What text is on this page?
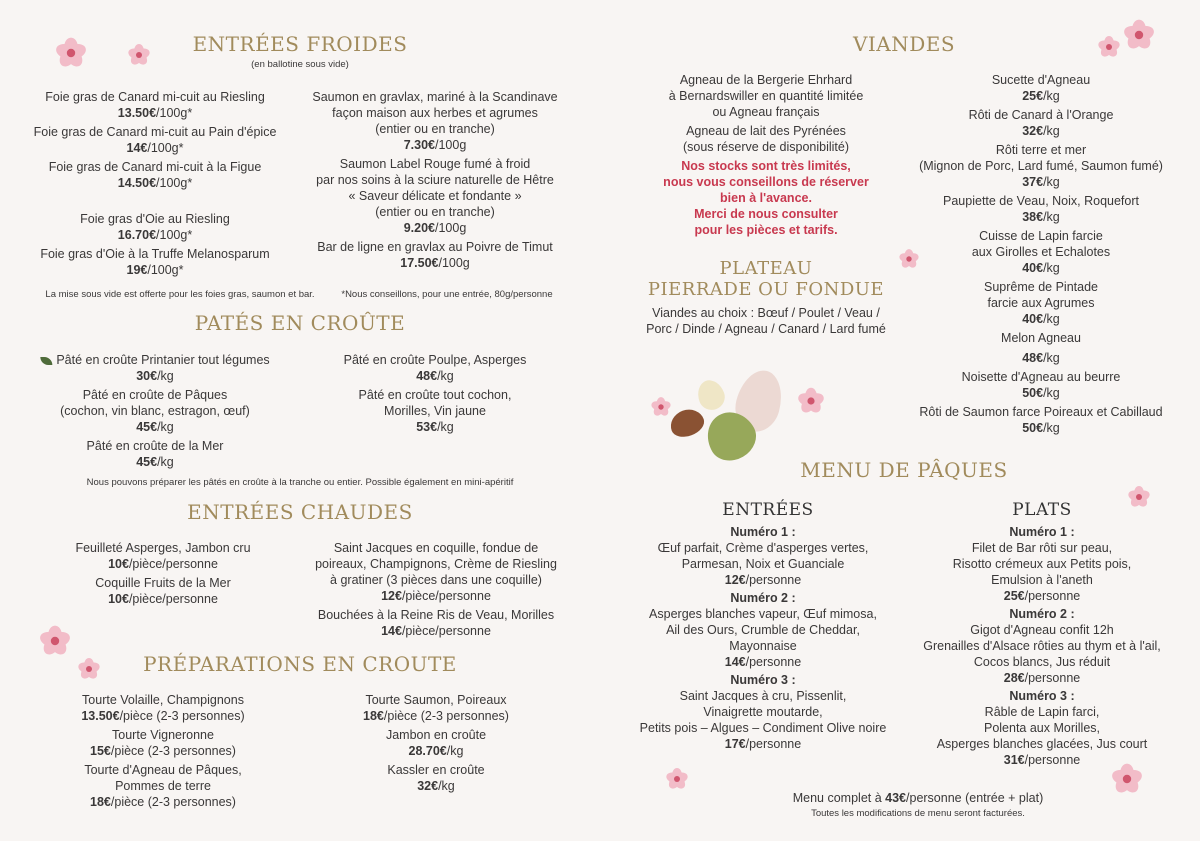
ENTRÉES FROIDES
(en ballotine sous vide)
Foie gras de Canard mi-cuit au Riesling
13.50€/100g*
Foie gras de Canard mi-cuit au Pain d'épice
14€/100g*
Foie gras de Canard mi-cuit à la Figue
14.50€/100g*
Foie gras d'Oie au Riesling
16.70€/100g*
Foie gras d'Oie à la Truffe Melanosparum
19€/100g*
Saumon en gravlax, mariné à la Scandinave
façon maison aux herbes et agrumes
(entier ou en tranche)
7.30€/100g
Saumon Label Rouge fumé à froid
par nos soins à la sciure naturelle de Hêtre
« Saveur délicate et fondante »
(entier ou en tranche)
9.20€/100g
Bar de ligne en gravlax au Poivre de Timut
17.50€/100g
La mise sous vide est offerte pour les foies gras, saumon et bar.	*Nous conseillons, pour une entrée, 80g/personne
PATÉS EN CROÛTE
Pâté en croûte Printanier tout légumes
30€/kg
Pâté en croûte de Pâques
(cochon, vin blanc, estragon, œuf)
45€/kg
Pâté en croûte de la Mer
45€/kg
Pâté en croûte Poulpe, Asperges
48€/kg
Pâté en croûte tout cochon,
Morilles, Vin jaune
53€/kg
Nous pouvons préparer les pâtés en croûte à la tranche ou entier. Possible également en mini-apéritif
ENTRÉES CHAUDES
Feuilleté Asperges, Jambon cru
10€/pièce/personne
Coquille Fruits de la Mer
10€/pièce/personne
Saint Jacques en coquille, fondue de
poireaux, Champignons, Crème de Riesling
à gratiner (3 pièces dans une coquille)
12€/pièce/personne
Bouchées à la Reine Ris de Veau, Morilles
14€/pièce/personne
PRÉPARATIONS EN CROUTE
Tourte Volaille, Champignons
13.50€/pièce (2-3 personnes)
Tourte Vigneronne
15€/pièce (2-3 personnes)
Tourte d'Agneau de Pâques,
Pommes de terre
18€/pièce (2-3 personnes)
Tourte Saumon, Poireaux
18€/pièce (2-3 personnes)
Jambon en croûte
28.70€/kg
Kassler en croûte
32€/kg
VIANDES
Agneau de la Bergerie Ehrhard
à Bernardswiller en quantité limitée
ou Agneau français
Agneau de lait des Pyrénées
(sous réserve de disponibilité)
Nos stocks sont très limités,
nous vous conseillons de réserver
bien à l'avance.
Merci de nous consulter
pour les pièces et tarifs.
Sucette d'Agneau
25€/kg
Rôti de Canard à l'Orange
32€/kg
Rôti terre et mer
(Mignon de Porc, Lard fumé, Saumon fumé)
37€/kg
Paupiette de Veau, Noix, Roquefort
38€/kg
Cuisse de Lapin farcie
aux Girolles et Echalotes
40€/kg
Suprême de Pintade
farcie aux Agrumes
40€/kg
Melon Agneau
48€/kg
Noisette d'Agneau au beurre
50€/kg
Rôti de Saumon farce Poireaux et Cabillaud
50€/kg
PLATEAU
PIERRADE OU FONDUE
Viandes au choix : Bœuf / Poulet / Veau /
Porc / Dinde / Agneau / Canard / Lard fumé
MENU DE PÂQUES
ENTRÉES	PLATS
Numéro 1 :
Œuf parfait, Crème d'asperges vertes,
Parmesan, Noix et Guanciale
12€/personne
Numéro 2 :
Asperges blanches vapeur, Œuf mimosa,
Ail des Ours, Crumble de Cheddar,
Mayonnaise
14€/personne
Numéro 3 :
Saint Jacques à cru, Pissenlit,
Vinaigrette moutarde,
Petits pois – Algues – Condiment Olive noire
17€/personne
Numéro 1 :
Filet de Bar rôti sur peau,
Risotto crémeux aux Petits pois,
Emulsion à l'aneth
25€/personne
Numéro 2 :
Gigot d'Agneau confit 12h
Grenailles d'Alsace rôties au thym et à l'ail,
Cocos blancs, Jus réduit
28€/personne
Numéro 3 :
Râble de Lapin farci,
Polenta aux Morilles,
Asperges blanches glacées, Jus court
31€/personne
Menu complet à 43€/personne (entrée + plat)
Toutes les modifications de menu seront facturées.
